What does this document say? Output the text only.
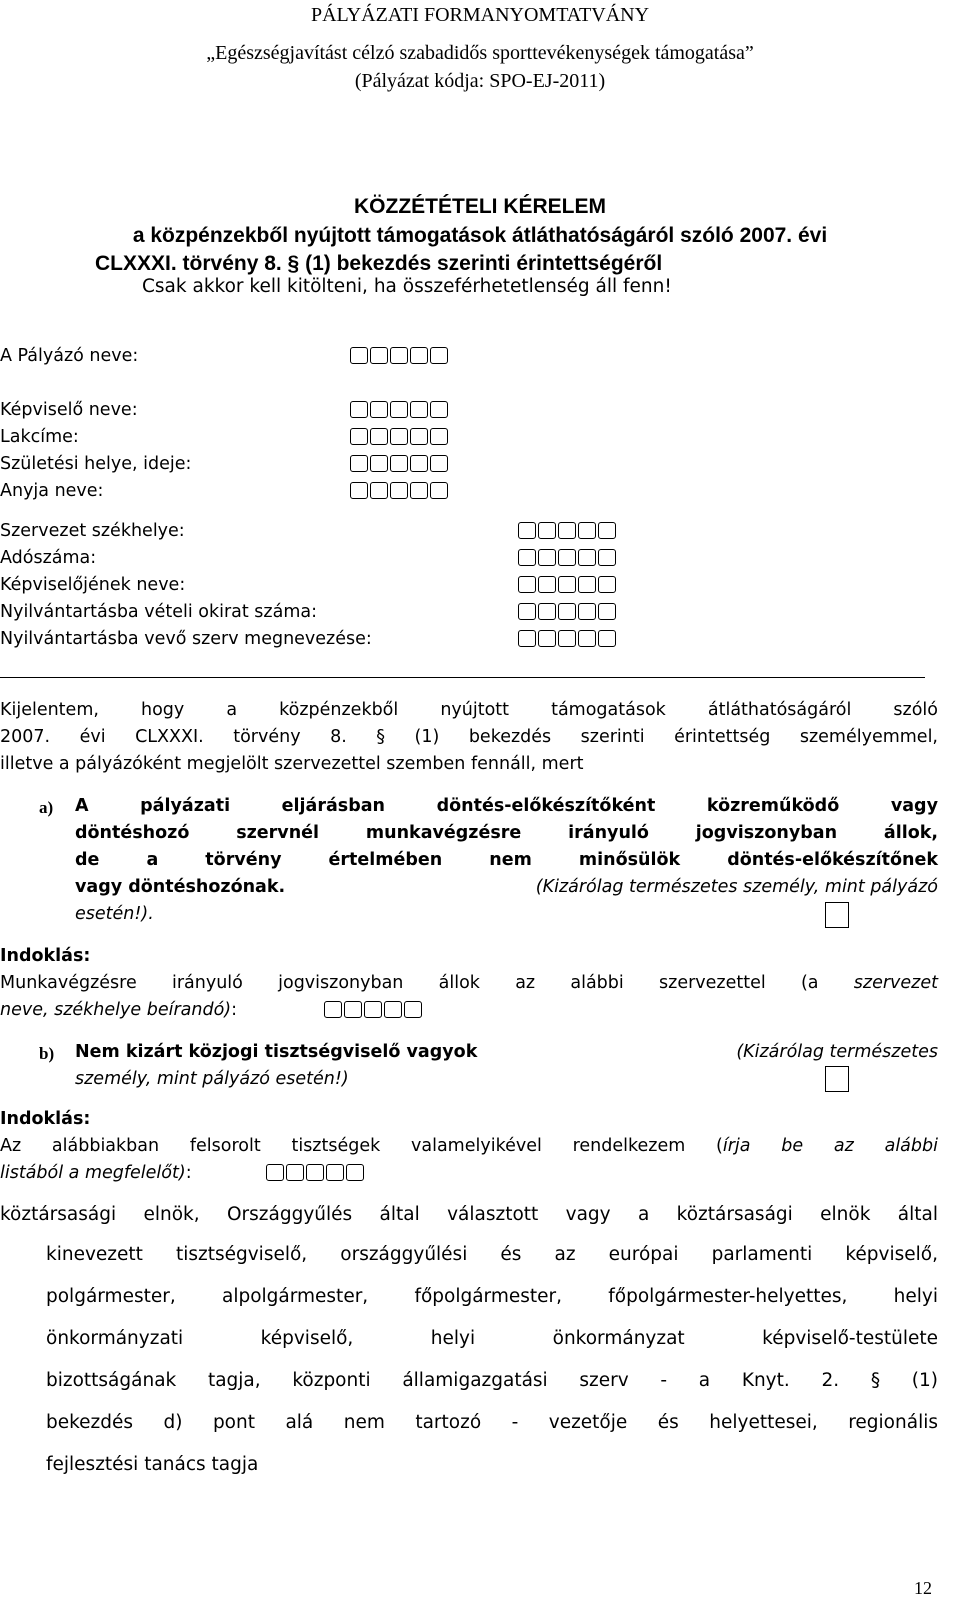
PÁLYÁZATI FORMANYOMTATVÁNY
„Egészségjavítást célzó szabadidős sporttevékenységek támogatása”
(Pályázat kódja: SPO-EJ-2011)
KÖZZÉTÉTELI KÉRELEM
a közpénzekből nyújtott támogatások átláthatóságáról szóló 2007. évi
CLXXXI. törvény 8. § (1) bekezdés szerinti érintettségéről
Csak akkor kell kitölteni, ha összeférhetetlenség áll fenn!
A Pályázó neve:
Képviselő neve:
Lakcíme:
Születési helye, ideje:
Anyja neve:
Szervezet székhelye:
Adószáma:
Képviselőjének neve:
Nyilvántartásba vételi okirat száma:
Nyilvántartásba vevő szerv megnevezése:
Kijelentem, hogy a közpénzekből nyújtott támogatások átláthatóságáról szóló
2007. évi CLXXXI. törvény 8. § (1) bekezdés szerinti érintettség személyemmel,
illetve a pályázóként megjelölt szervezettel szemben fennáll, mert
a) A pályázati eljárásban döntés-előkészítőként közreműködő vagy
döntéshozó szervnél munkavégzésre irányuló jogviszonyban állok,
de a törvény értelmében nem minősülök döntés-előkészítőnek
vagy döntéshozónak.	(Kizárólag természetes személy, mint pályázó
esetén!).
Indoklás:
Munkavégzésre irányuló jogviszonyban állok az alábbi szervezettel (a szervezet
neve, székhelye beírandó):
b) Nem kizárt közjogi tisztségviselő vagyok	(Kizárólag természetes
személy, mint pályázó esetén!)
Indoklás:
Az alábbiakban felsorolt tisztségek valamelyikével rendelkezem (írja be az alábbi
listából a megfelelőt):
köztársasági elnök, Országgyűlés által választott vagy a köztársasági elnök által
kinevezett tisztségviselő, országgyűlési és az európai parlamenti képviselő,
polgármester, alpolgármester, főpolgármester, főpolgármester-helyettes, helyi
önkormányzati képviselő, helyi önkormányzat képviselő-testülete
bizottságának tagja, központi államigazgatási szerv - a Knyt. 2. § (1)
bekezdés d) pont alá nem tartozó - vezetője és helyettesei, regionális
fejlesztési tanács tagja
12
